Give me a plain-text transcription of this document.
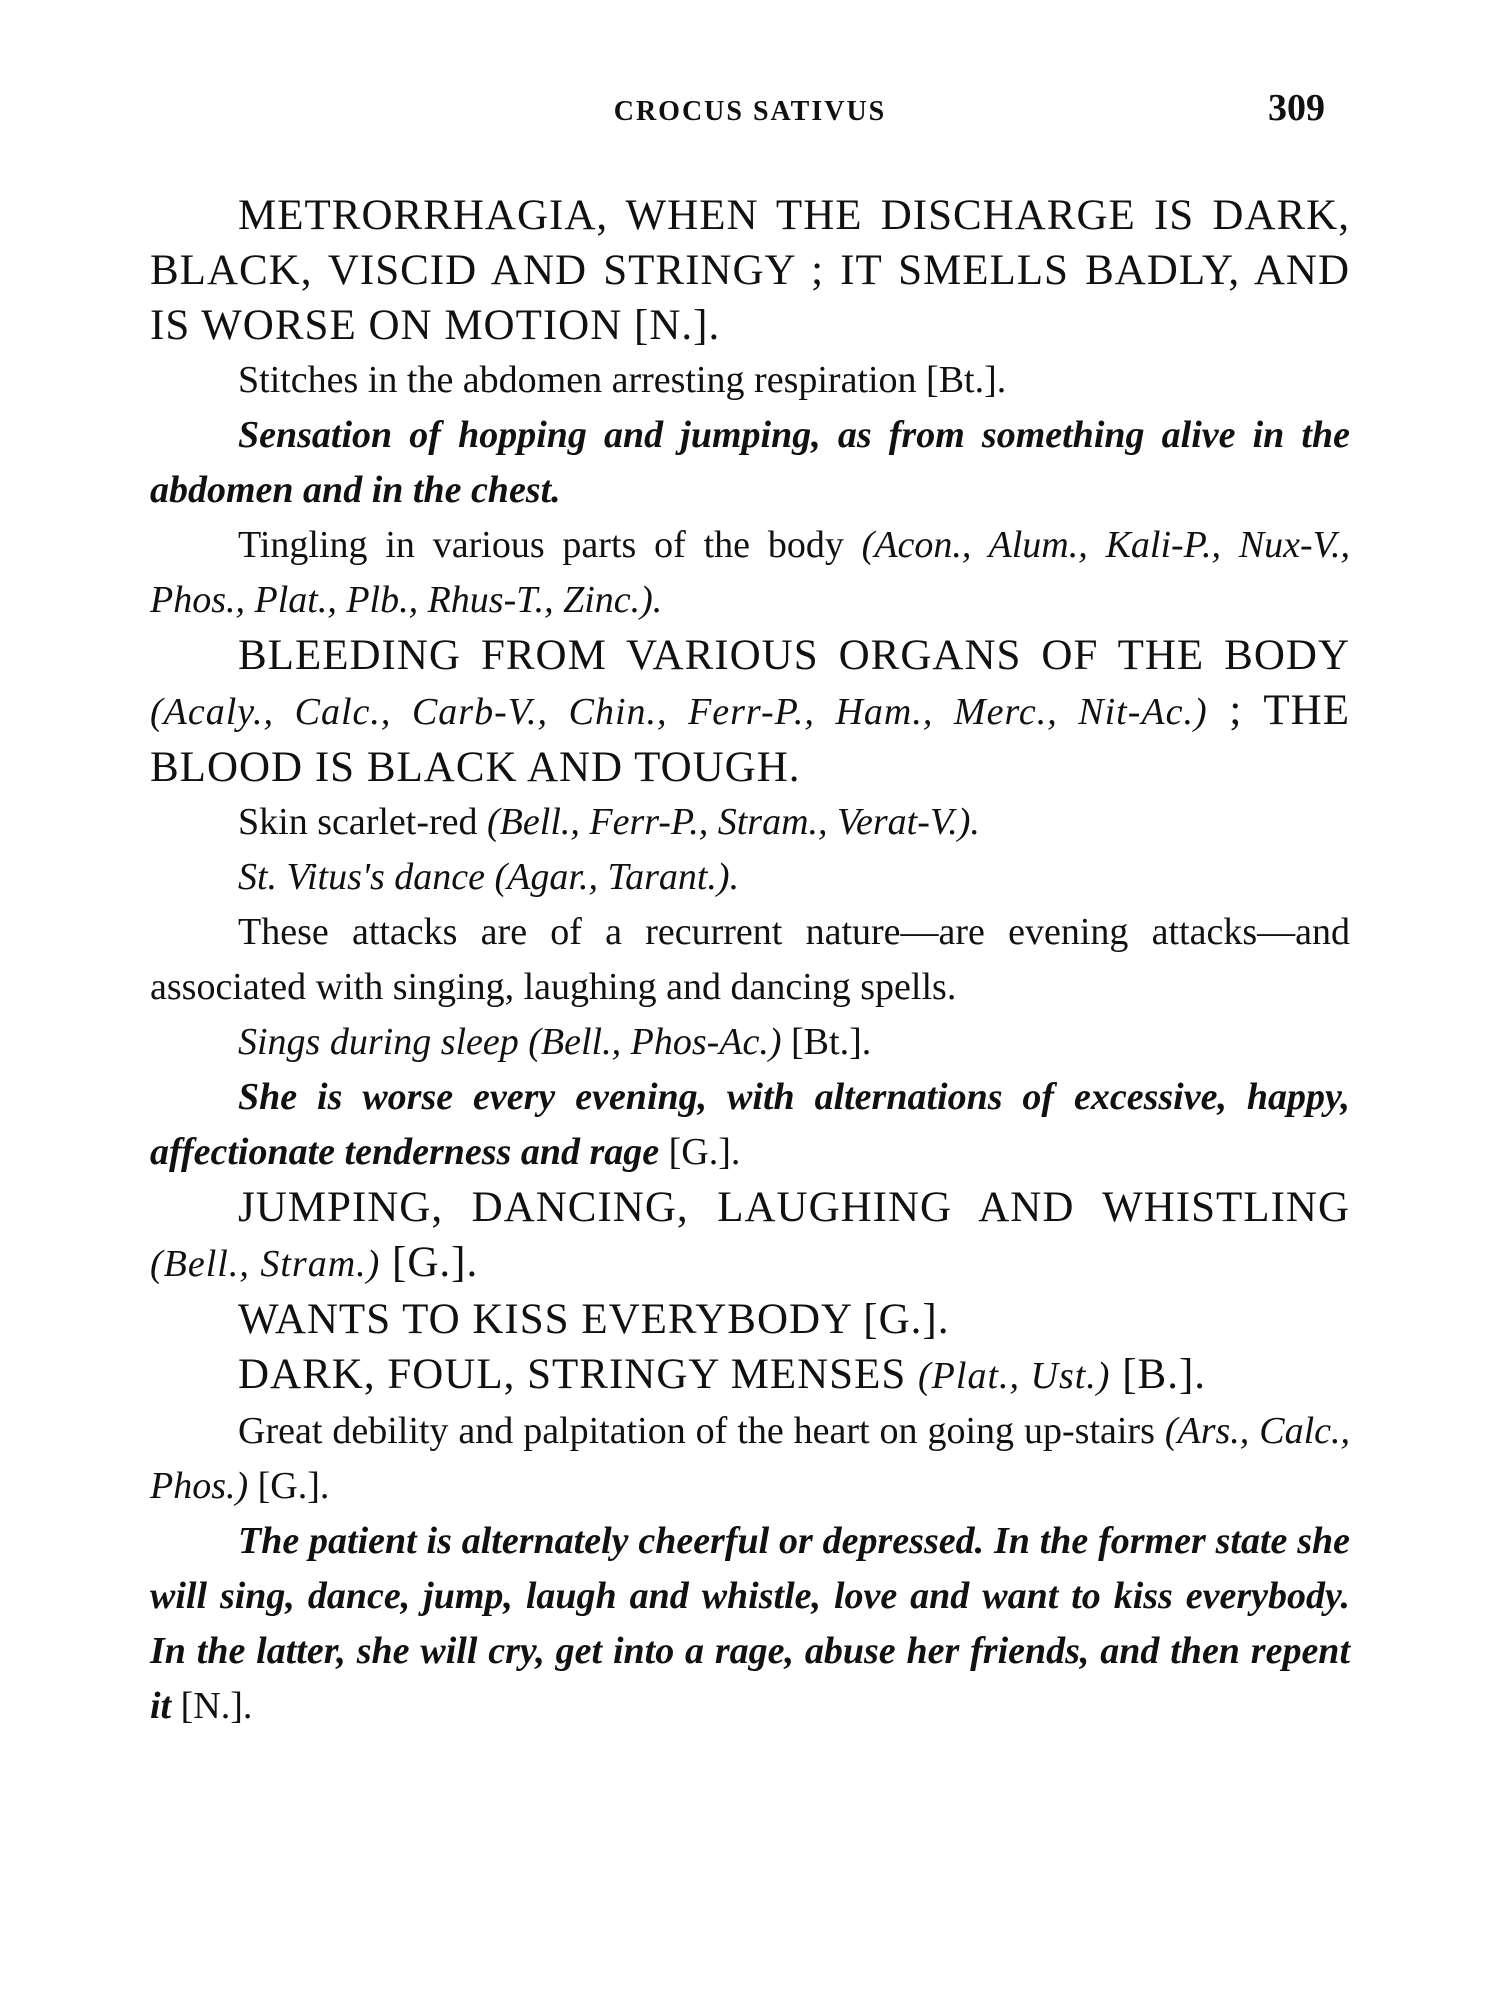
CROCUS SATIVUS	309

METRORRHAGIA, WHEN THE DISCHARGE IS DARK, BLACK, VISCID AND STRINGY ; IT SMELLS BADLY, AND IS WORSE ON MOTION [N.].

Stitches in the abdomen arresting respiration [Bt.].

Sensation of hopping and jumping, as from something alive in the abdomen and in the chest.

Tingling in various parts of the body (Acon., Alum., Kali-P., Nux-V., Phos., Plat., Plb., Rhus-T., Zinc.).

BLEEDING FROM VARIOUS ORGANS OF THE BODY (Acaly., Calc., Carb-V., Chin., Ferr-P., Ham., Merc., Nit-Ac.) ; THE BLOOD IS BLACK AND TOUGH.

Skin scarlet-red (Bell., Ferr-P., Stram., Verat-V.).

St. Vitus's dance (Agar., Tarant.).

These attacks are of a recurrent nature—are evening attacks—and associated with singing, laughing and dancing spells.

Sings during sleep (Bell., Phos-Ac.) [Bt.].

She is worse every evening, with alternations of excessive, happy, affectionate tenderness and rage [G.].

JUMPING, DANCING, LAUGHING AND WHISTLING (Bell., Stram.) [G.].

WANTS TO KISS EVERYBODY [G.].

DARK, FOUL, STRINGY MENSES (Plat., Ust.) [B.].

Great debility and palpitation of the heart on going up-stairs (Ars., Calc., Phos.) [G.].

The patient is alternately cheerful or depressed. In the former state she will sing, dance, jump, laugh and whistle, love and want to kiss everybody. In the latter, she will cry, get into a rage, abuse her friends, and then repent it [N.].
